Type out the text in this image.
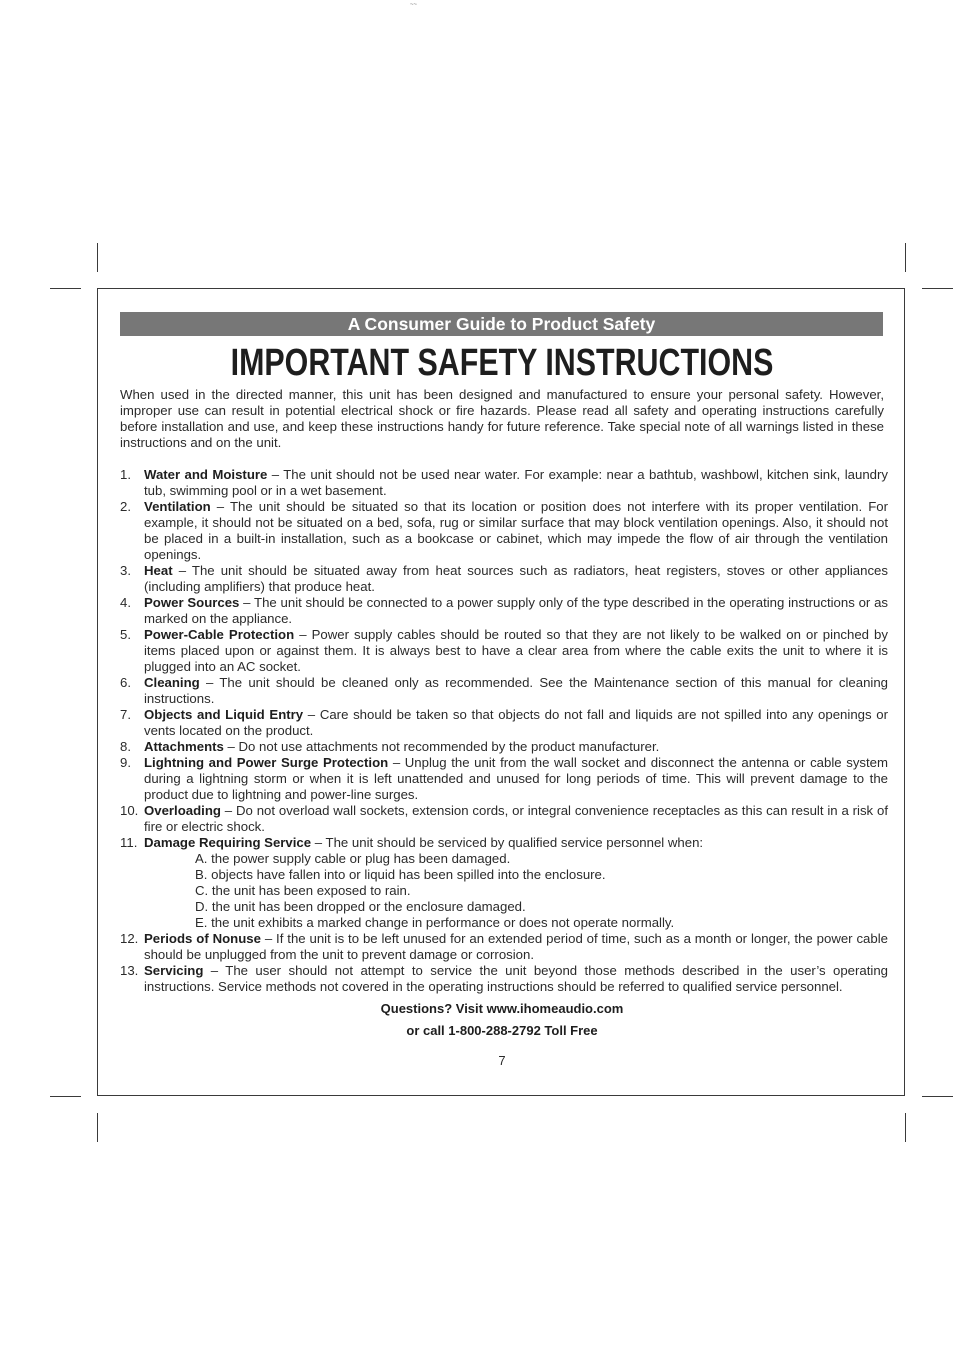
~~
A Consumer Guide to Product Safety
IMPORTANT SAFETY INSTRUCTIONS

When used in the directed manner, this unit has been designed and manufactured to ensure your personal safety. However, improper use can result in potential electrical shock or fire hazards. Please read all safety and operating instructions carefully before installation and use, and keep these instructions handy for future reference. Take special note of all warnings listed in these instructions and on the unit.

1. Water and Moisture – The unit should not be used near water. For example: near a bathtub, washbowl, kitchen sink, laundry tub, swimming pool or in a wet basement.
2. Ventilation – The unit should be situated so that its location or position does not interfere with its proper ventilation. For example, it should not be situated on a bed, sofa, rug or similar surface that may block ventilation openings. Also, it should not be placed in a built-in installation, such as a bookcase or cabinet, which may impede the flow of air through the ventilation openings.
3. Heat – The unit should be situated away from heat sources such as radiators, heat registers, stoves or other appliances (including amplifiers) that produce heat.
4. Power Sources – The unit should be connected to a power supply only of the type described in the operating instructions or as marked on the appliance.
5. Power-Cable Protection – Power supply cables should be routed so that they are not likely to be walked on or pinched by items placed upon or against them. It is always best to have a clear area from where the cable exits the unit to where it is plugged into an AC socket.
6. Cleaning – The unit should be cleaned only as recommended. See the Maintenance section of this manual for cleaning instructions.
7. Objects and Liquid Entry – Care should be taken so that objects do not fall and liquids are not spilled into any openings or vents located on the product.
8. Attachments – Do not use attachments not recommended by the product manufacturer.
9. Lightning and Power Surge Protection – Unplug the unit from the wall socket and disconnect the antenna or cable system during a lightning storm or when it is left unattended and unused for long periods of time. This will prevent damage to the product due to lightning and power-line surges.
10. Overloading – Do not overload wall sockets, extension cords, or integral convenience receptacles as this can result in a risk of fire or electric shock.
11. Damage Requiring Service – The unit should be serviced by qualified service personnel when:
A. the power supply cable or plug has been damaged.
B. objects have fallen into or liquid has been spilled into the enclosure.
C. the unit has been exposed to rain.
D. the unit has been dropped or the enclosure damaged.
E. the unit exhibits a marked change in performance or does not operate normally.
12. Periods of Nonuse – If the unit is to be left unused for an extended period of time, such as a month or longer, the power cable should be unplugged from the unit to prevent damage or corrosion.
13. Servicing – The user should not attempt to service the unit beyond those methods described in the user’s operating instructions. Service methods not covered in the operating instructions should be referred to qualified service personnel.
Questions? Visit www.ihomeaudio.com
or call 1-800-288-2792 Toll Free
7
